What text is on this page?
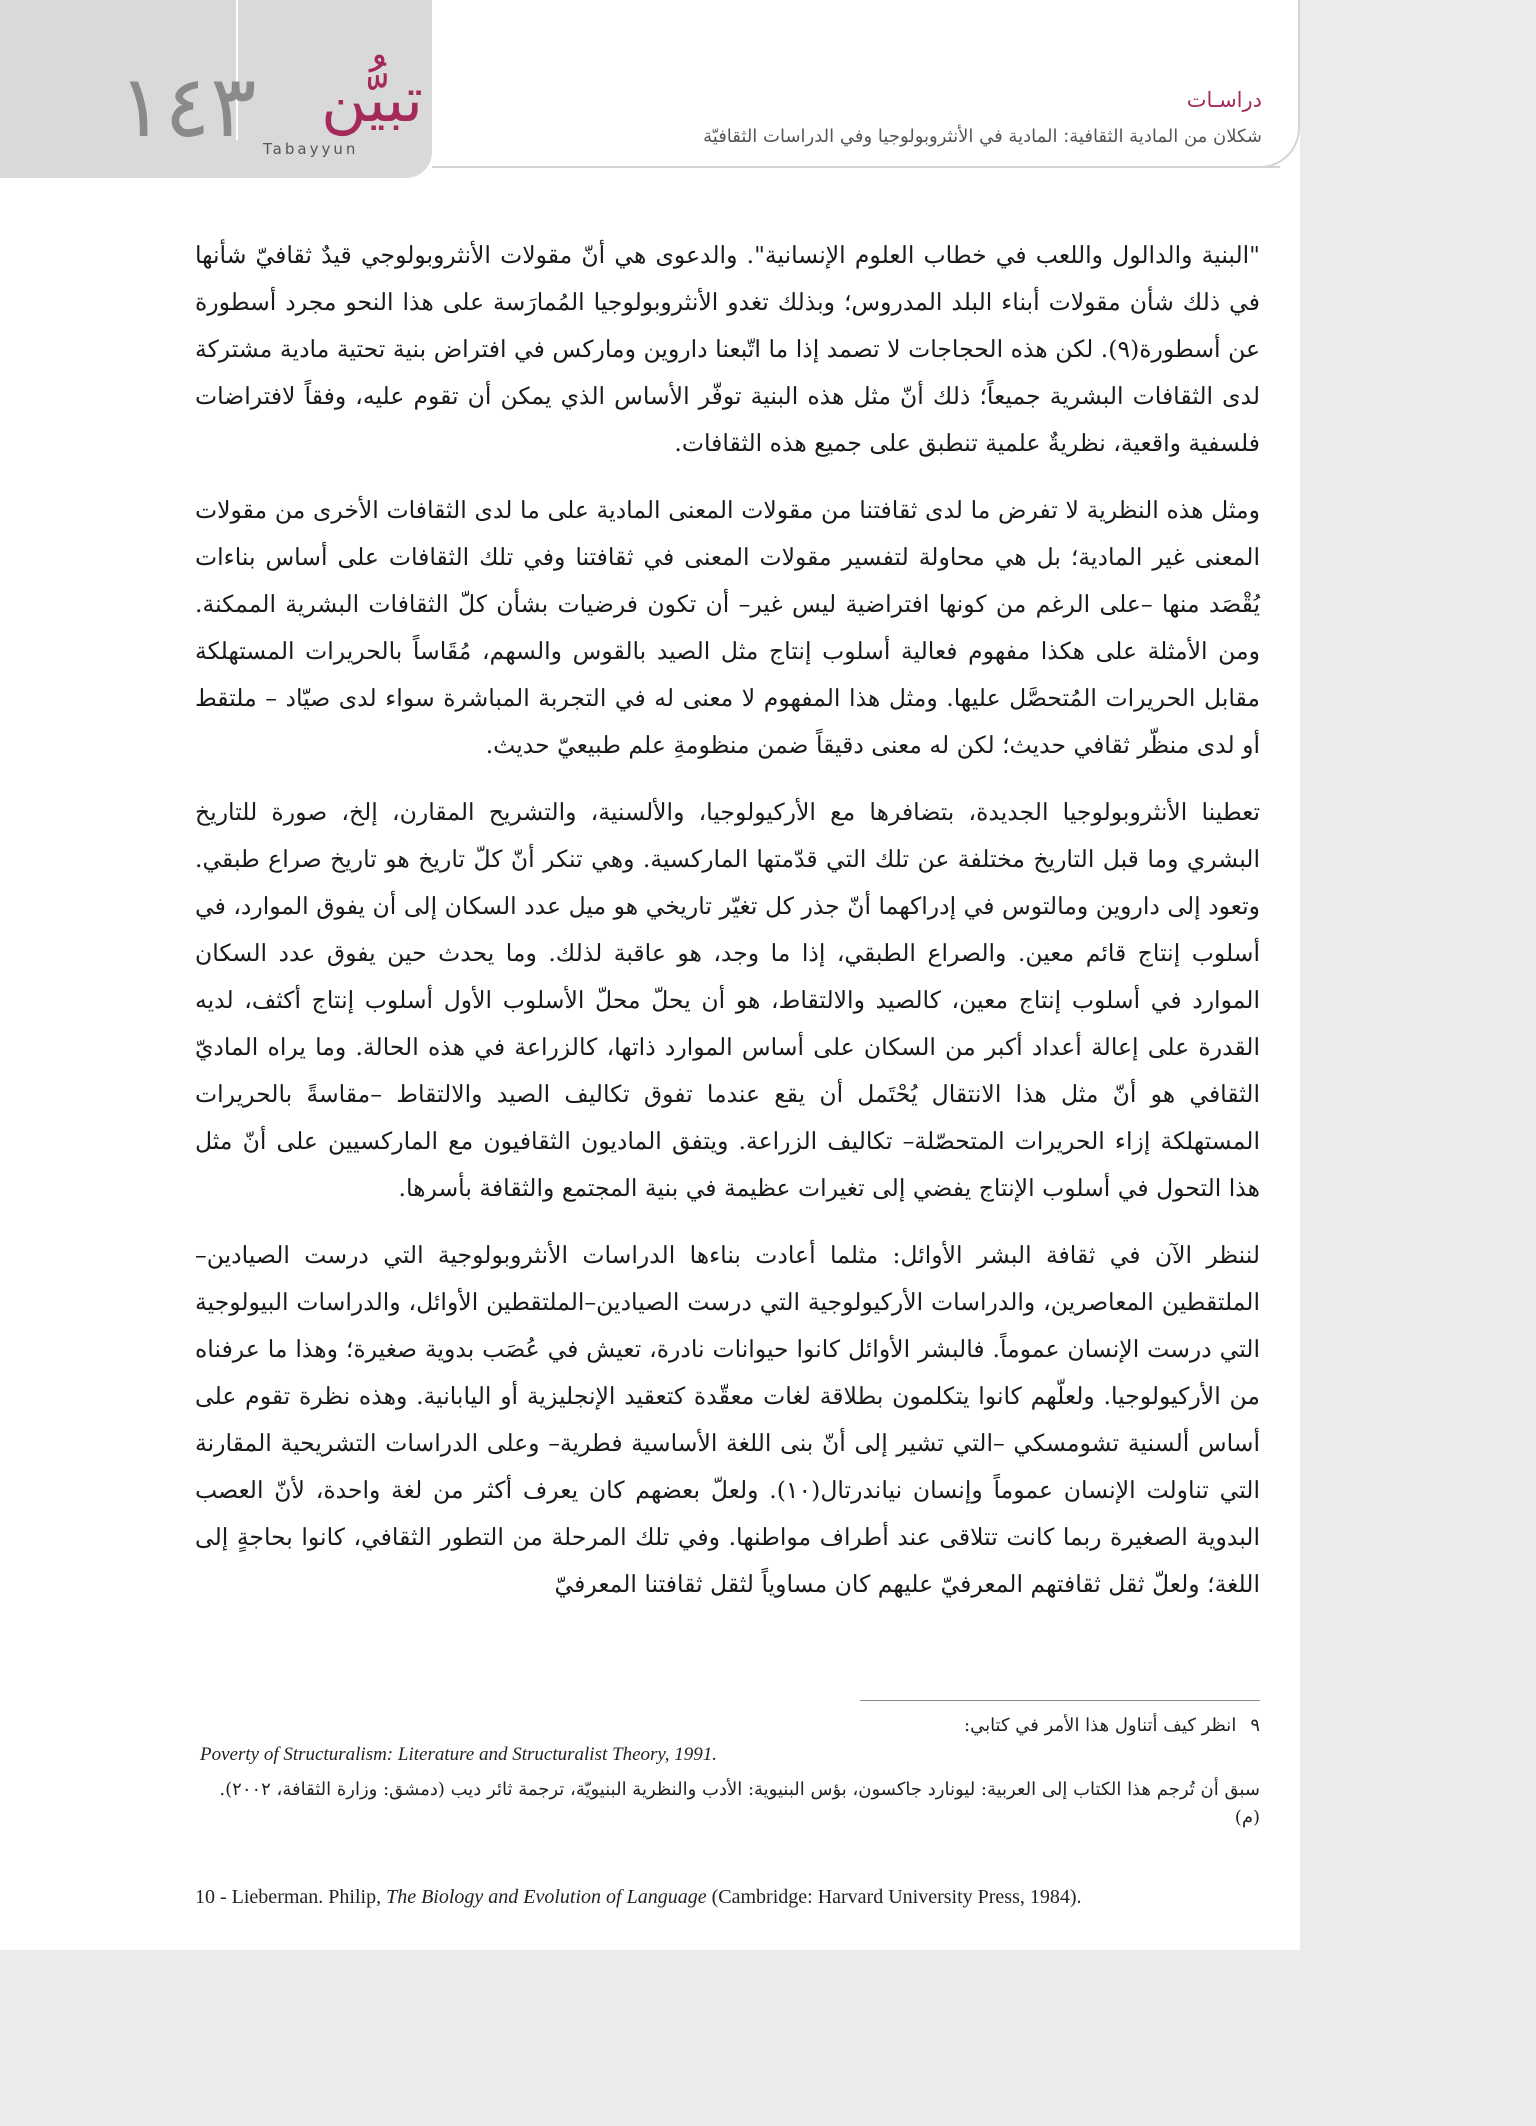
١٤٣ تبيُّن
Tabayyun
دراسـات
شكلان من المادية الثقافية: المادية في الأنثروبولوجيا وفي الدراسات الثقافيّة

"البنية والدالول واللعب في خطاب العلوم الإنسانية". والدعوى هي أنّ مقولات الأنثروبولوجي قيدٌ ثقافيّ شأنها في ذلك شأن مقولات أبناء البلد المدروس؛ وبذلك تغدو الأنثروبولوجيا المُمارَسة على هذا النحو مجرد أسطورة عن أسطورة(٩). لكن هذه الحجاجات لا تصمد إذا ما اتّبعنا داروين وماركس في افتراض بنية تحتية مادية مشتركة لدى الثقافات البشرية جميعاً؛ ذلك أنّ مثل هذه البنية توفّر الأساس الذي يمكن أن تقوم عليه، وفقاً لافتراضات فلسفية واقعية، نظريةٌ علمية تنطبق على جميع هذه الثقافات.

ومثل هذه النظرية لا تفرض ما لدى ثقافتنا من مقولات المعنى المادية على ما لدى الثقافات الأخرى من مقولات المعنى غير المادية؛ بل هي محاولة لتفسير مقولات المعنى في ثقافتنا وفي تلك الثقافات على أساس بناءات يُقْصَد منها –على الرغم من كونها افتراضية ليس غير– أن تكون فرضيات بشأن كلّ الثقافات البشرية الممكنة. ومن الأمثلة على هكذا مفهوم فعالية أسلوب إنتاج مثل الصيد بالقوس والسهم، مُقَاساً بالحريرات المستهلكة مقابل الحريرات المُتحصَّل عليها. ومثل هذا المفهوم لا معنى له في التجربة المباشرة سواء لدى صيّاد – ملتقط أو لدى منظّر ثقافي حديث؛ لكن له معنى دقيقاً ضمن منظومةِ علم طبيعيّ حديث.

تعطينا الأنثروبولوجيا الجديدة، بتضافرها مع الأركيولوجيا، والألسنية، والتشريح المقارن، إلخ، صورة للتاريخ البشري وما قبل التاريخ مختلفة عن تلك التي قدّمتها الماركسية. وهي تنكر أنّ كلّ تاريخ هو تاريخ صراع طبقي. وتعود إلى داروين ومالتوس في إدراكهما أنّ جذر كل تغيّر تاريخي هو ميل عدد السكان إلى أن يفوق الموارد، في أسلوب إنتاج قائم معين. والصراع الطبقي، إذا ما وجد، هو عاقبة لذلك. وما يحدث حين يفوق عدد السكان الموارد في أسلوب إنتاج معين، كالصيد والالتقاط، هو أن يحلّ محلّ الأسلوب الأول أسلوب إنتاج أكثف، لديه القدرة على إعالة أعداد أكبر من السكان على أساس الموارد ذاتها، كالزراعة في هذه الحالة. وما يراه الماديّ الثقافي هو أنّ مثل هذا الانتقال يُحْتَمل أن يقع عندما تفوق تكاليف الصيد والالتقاط –مقاسةً بالحريرات المستهلكة إزاء الحريرات المتحصّلة– تكاليف الزراعة. ويتفق الماديون الثقافيون مع الماركسيين على أنّ مثل هذا التحول في أسلوب الإنتاج يفضي إلى تغيرات عظيمة في بنية المجتمع والثقافة بأسرها.

لننظر الآن في ثقافة البشر الأوائل: مثلما أعادت بناءها الدراسات الأنثروبولوجية التي درست الصيادين–الملتقطين المعاصرين، والدراسات الأركيولوجية التي درست الصيادين–الملتقطين الأوائل، والدراسات البيولوجية التي درست الإنسان عموماً. فالبشر الأوائل كانوا حيوانات نادرة، تعيش في عُصَب بدوية صغيرة؛ وهذا ما عرفناه من الأركيولوجيا. ولعلّهم كانوا يتكلمون بطلاقة لغات معقّدة كتعقيد الإنجليزية أو اليابانية. وهذه نظرة تقوم على أساس ألسنية تشومسكي –التي تشير إلى أنّ بنى اللغة الأساسية فطرية– وعلى الدراسات التشريحية المقارنة التي تناولت الإنسان عموماً وإنسان نياندرتال(١٠). ولعلّ بعضهم كان يعرف أكثر من لغة واحدة، لأنّ العصب البدوية الصغيرة ربما كانت تتلاقى عند أطراف مواطنها. وفي تلك المرحلة من التطور الثقافي، كانوا بحاجةٍ إلى اللغة؛ ولعلّ ثقل ثقافتهم المعرفيّ عليهم كان مساوياً لثقل ثقافتنا المعرفيّ

٩انظر كيف أتناول هذا الأمر في كتابي:
Poverty of Structuralism: Literature and Structuralist Theory, 1991.
سبق أن تُرجم هذا الكتاب إلى العربية: ليونارد جاكسون، بؤس البنيوية: الأدب والنظرية البنيويّة، ترجمة ثائر ديب (دمشق: وزارة الثقافة، ٢٠٠٢).(م)
10 - Lieberman. Philip, The Biology and Evolution of Language (Cambridge: Harvard University Press, 1984).
